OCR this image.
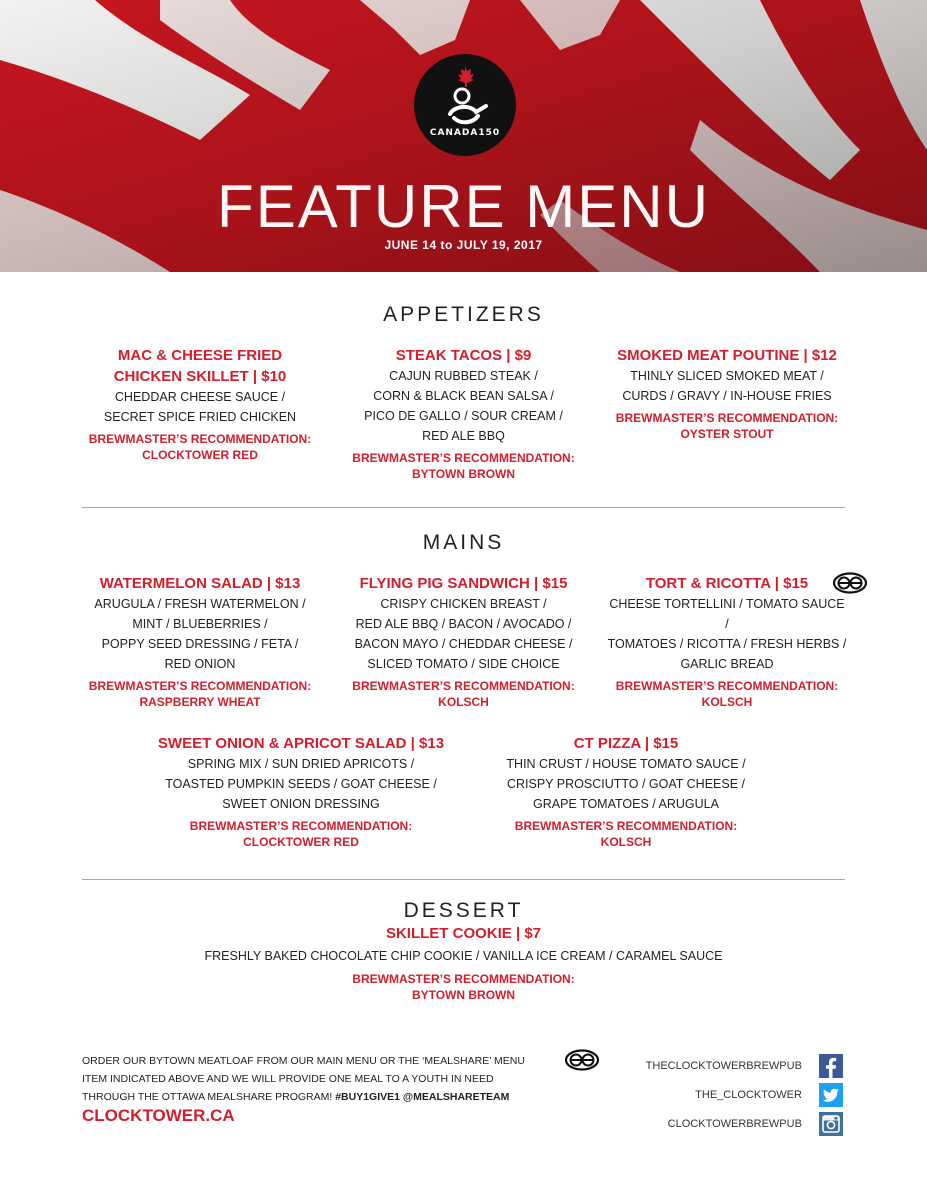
CANADA150
FEATURE MENU
JUNE 14 to JULY 19, 2017
APPETIZERS
MAC & CHEESE FRIED
CHICKEN SKILLET | $10
CHEDDAR CHEESE SAUCE /
SECRET SPICE FRIED CHICKEN
BREWMASTER’S RECOMMENDATION:
CLOCKTOWER RED
STEAK TACOS | $9
CAJUN RUBBED STEAK /
CORN & BLACK BEAN SALSA /
PICO DE GALLO / SOUR CREAM /
RED ALE BBQ
BREWMASTER’S RECOMMENDATION:
BYTOWN BROWN
SMOKED MEAT POUTINE | $12
THINLY SLICED SMOKED MEAT /
CURDS / GRAVY / IN-HOUSE FRIES
BREWMASTER’S RECOMMENDATION:
OYSTER STOUT
MAINS
WATERMELON SALAD | $13
ARUGULA / FRESH WATERMELON /
MINT / BLUEBERRIES /
POPPY SEED DRESSING / FETA /
RED ONION
BREWMASTER’S RECOMMENDATION:
RASPBERRY WHEAT
FLYING PIG SANDWICH | $15
CRISPY CHICKEN BREAST /
RED ALE BBQ / BACON / AVOCADO /
BACON MAYO / CHEDDAR CHEESE /
SLICED TOMATO / SIDE CHOICE
BREWMASTER’S RECOMMENDATION:
KOLSCH
TORT & RICOTTA | $15
CHEESE TORTELLINI / TOMATO SAUCE /
TOMATOES / RICOTTA / FRESH HERBS /
GARLIC BREAD
BREWMASTER’S RECOMMENDATION:
KOLSCH
SWEET ONION & APRICOT SALAD | $13
SPRING MIX / SUN DRIED APRICOTS /
TOASTED PUMPKIN SEEDS / GOAT CHEESE /
SWEET ONION DRESSING
BREWMASTER’S RECOMMENDATION:
CLOCKTOWER RED
CT PIZZA | $15
THIN CRUST / HOUSE TOMATO SAUCE /
CRISPY PROSCIUTTO / GOAT CHEESE /
GRAPE TOMATOES / ARUGULA
BREWMASTER’S RECOMMENDATION:
KOLSCH
DESSERT
SKILLET COOKIE | $7
FRESHLY BAKED CHOCOLATE CHIP COOKIE / VANILLA ICE CREAM / CARAMEL SAUCE
BREWMASTER’S RECOMMENDATION:
BYTOWN BROWN
ORDER OUR BYTOWN MEATLOAF FROM OUR MAIN MENU OR THE ‘MEALSHARE’ MENU
ITEM INDICATED ABOVE AND WE WILL PROVIDE ONE MEAL TO A YOUTH IN NEED
THROUGH THE OTTAWA MEALSHARE PROGRAM! #BUY1GIVE1 @MEALSHARETEAM
CLOCKTOWER.CA
THECLOCKTOWERBREWPUB
THE_CLOCKTOWER
CLOCKTOWERBREWPUB
